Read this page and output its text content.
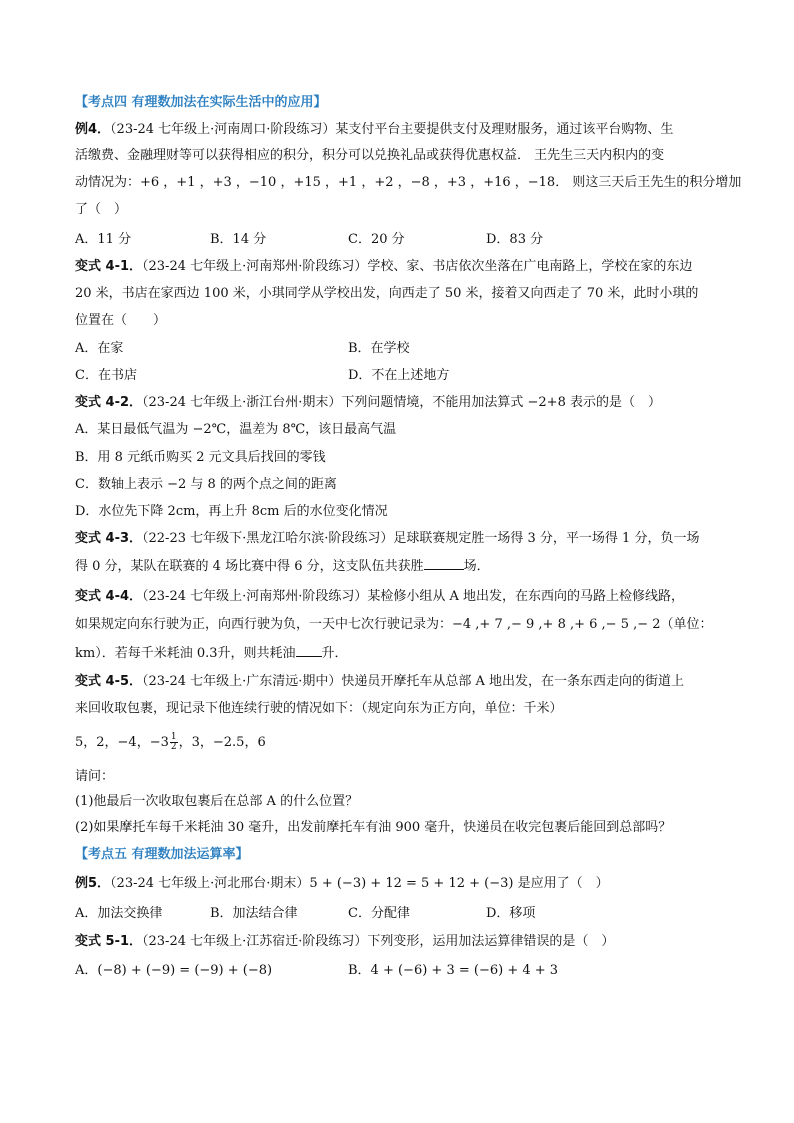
【考点四 有理数加法在实际生活中的应用】
例4．（23-24 七年级上·河南周口·阶段练习）某支付平台主要提供支付及理财服务，通过该平台购物、生
活缴费、金融理财等可以获得相应的积分，积分可以兑换礼品或获得优惠权益． 王先生三天内积内的变
动情况为：+6 ，+1 ，+3 ，−10 ，+15 ，+1 ，+2 ，−8 ，+3 ，+16 ，−18． 则这三天后王先生的积分增加
了（　）
A．11 分	B．14 分	C．20 分	D．83 分
变式 4-1．（23-24 七年级上·河南郑州·阶段练习）学校、家、书店依次坐落在广电南路上，学校在家的东边
20 米，书店在家西边 100 米，小琪同学从学校出发，向西走了 50 米，接着又向西走了 70 米，此时小琪的
位置在（　　）
A．在家	B．在学校
C．在书店	D．不在上述地方
变式 4-2．（23-24 七年级上·浙江台州·期末）下列问题情境，不能用加法算式 −2+8 表示的是（　）
A．某日最低气温为 −2℃，温差为 8℃，该日最高气温
B．用 8 元纸币购买 2 元文具后找回的零钱
C．数轴上表示 −2 与 8 的两个点之间的距离
D．水位先下降 2cm，再上升 8cm 后的水位变化情况
变式 4-3．（22-23 七年级下·黑龙江哈尔滨·阶段练习）足球联赛规定胜一场得 3 分，平一场得 1 分，负一场
得 0 分，某队在联赛的 4 场比赛中得 6 分，这支队伍共获胜	场．
变式 4-4．（23-24 七年级上·河南郑州·阶段练习）某检修小组从 A 地出发，在东西向的马路上检修线路，
如果规定向东行驶为正，向西行驶为负，一天中七次行驶记录为：−4 ,+ 7 ,− 9 ,+ 8 ,+ 6 ,− 5 ,− 2（单位：
km）．若每千米耗油 0.3升，则共耗油 升．
变式 4-5．（23-24 七年级上·广东清远·期中）快递员开摩托车从总部 A 地出发，在一条东西走向的街道上
来回收取包裹，现记录下他连续行驶的情况如下：（规定向东为正方向，单位：千米）
5，2，−4，$-3 \frac{1}{2}$ ，3，−2.5，6
请问：
(1)他最后一次收取包裹后在总部 A 的什么位置？
(2)如果摩托车每千米耗油 30 毫升，出发前摩托车有油 900 毫升，快递员在收完包裹后能回到总部吗？
【考点五 有理数加法运算率】
例5．（23-24 七年级上·河北邢台·期末）5 + (−3) + 12 = 5 + 12 + (−3) 是应用了（　）
A．加法交换律	B．加法结合律	C．分配律	D．移项
变式 5-1．（23-24 七年级上·江苏宿迁·阶段练习）下列变形，运用加法运算律错误的是（　）
A．(−8) + (−9) = (−9) + (−8)	B．4 + (−6) + 3 = (−6) + 4 + 3
